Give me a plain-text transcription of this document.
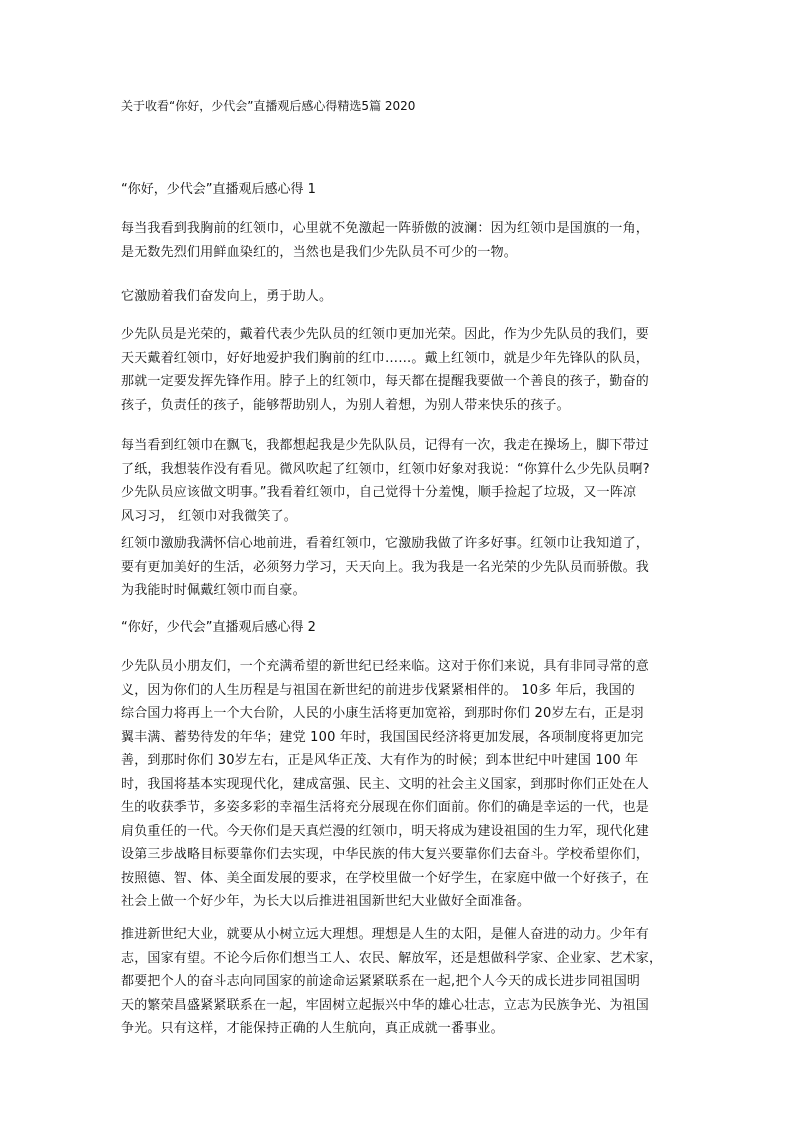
关于收看“你好，少代会”直播观后感心得精选5篇 2020
“你好，少代会”直播观后感心得 1
每当我看到我胸前的红领巾，心里就不免激起一阵骄傲的波澜：因为红领巾是国旗的一角，
是无数先烈们用鲜血染红的，当然也是我们少先队员不可少的一物。
它激励着我们奋发向上，勇于助人。
少先队员是光荣的，戴着代表少先队员的红领巾更加光荣。因此，作为少先队员的我们，要
天天戴着红领巾，好好地爱护我们胸前的红巾……。戴上红领巾，就是少年先锋队的队员，
那就一定要发挥先锋作用。脖子上的红领巾，每天都在提醒我要做一个善良的孩子，勤奋的
孩子，负责任的孩子，能够帮助别人，为别人着想，为别人带来快乐的孩子。
每当看到红领巾在飘飞，我都想起我是少先队队员，记得有一次，我走在操场上，脚下带过
了纸，我想装作没有看见。微风吹起了红领巾，红领巾好象对我说：“你算什么少先队员啊?
少先队员应该做文明事。”我看着红领巾，自己觉得十分羞愧，顺手捡起了垃圾，又一阵凉
风习习， 红领巾对我微笑了。
红领巾激励我满怀信心地前进，看着红领巾，它激励我做了许多好事。红领巾让我知道了，
要有更加美好的生活，必须努力学习，天天向上。我为我是一名光荣的少先队员而骄傲。我
为我能时时佩戴红领巾而自豪。
“你好，少代会”直播观后感心得 2
少先队员小朋友们，一个充满希望的新世纪已经来临。这对于你们来说，具有非同寻常的意
义，因为你们的人生历程是与祖国在新世纪的前进步伐紧紧相伴的。 10多 年后，我国的
综合国力将再上一个大台阶，人民的小康生活将更加宽裕，到那时你们 20岁左右，正是羽
翼丰满、蓄势待发的年华；建党 100 年时，我国国民经济将更加发展，各项制度将更加完
善，到那时你们 30岁左右，正是风华正茂、大有作为的时候；到本世纪中叶建国 100 年
时，我国将基本实现现代化，建成富强、民主、文明的社会主义国家，到那时你们正处在人
生的收获季节，多姿多彩的幸福生活将充分展现在你们面前。你们的确是幸运的一代，也是
肩负重任的一代。今天你们是天真烂漫的红领巾，明天将成为建设祖国的生力军，现代化建
设第三步战略目标要靠你们去实现，中华民族的伟大复兴要靠你们去奋斗。学校希望你们，
按照德、智、体、美全面发展的要求，在学校里做一个好学生，在家庭中做一个好孩子，在
社会上做一个好少年，为长大以后推进祖国新世纪大业做好全面准备。
推进新世纪大业，就要从小树立远大理想。理想是人生的太阳，是催人奋进的动力。少年有
志，国家有望。不论今后你们想当工人、农民、解放军，还是想做科学家、企业家、艺术家，
都要把个人的奋斗志向同国家的前途命运紧紧联系在一起,把个人今天的成长进步同祖国明
天的繁荣昌盛紧紧联系在一起，牢固树立起振兴中华的雄心壮志，立志为民族争光、为祖国
争光。只有这样，才能保持正确的人生航向，真正成就一番事业。
